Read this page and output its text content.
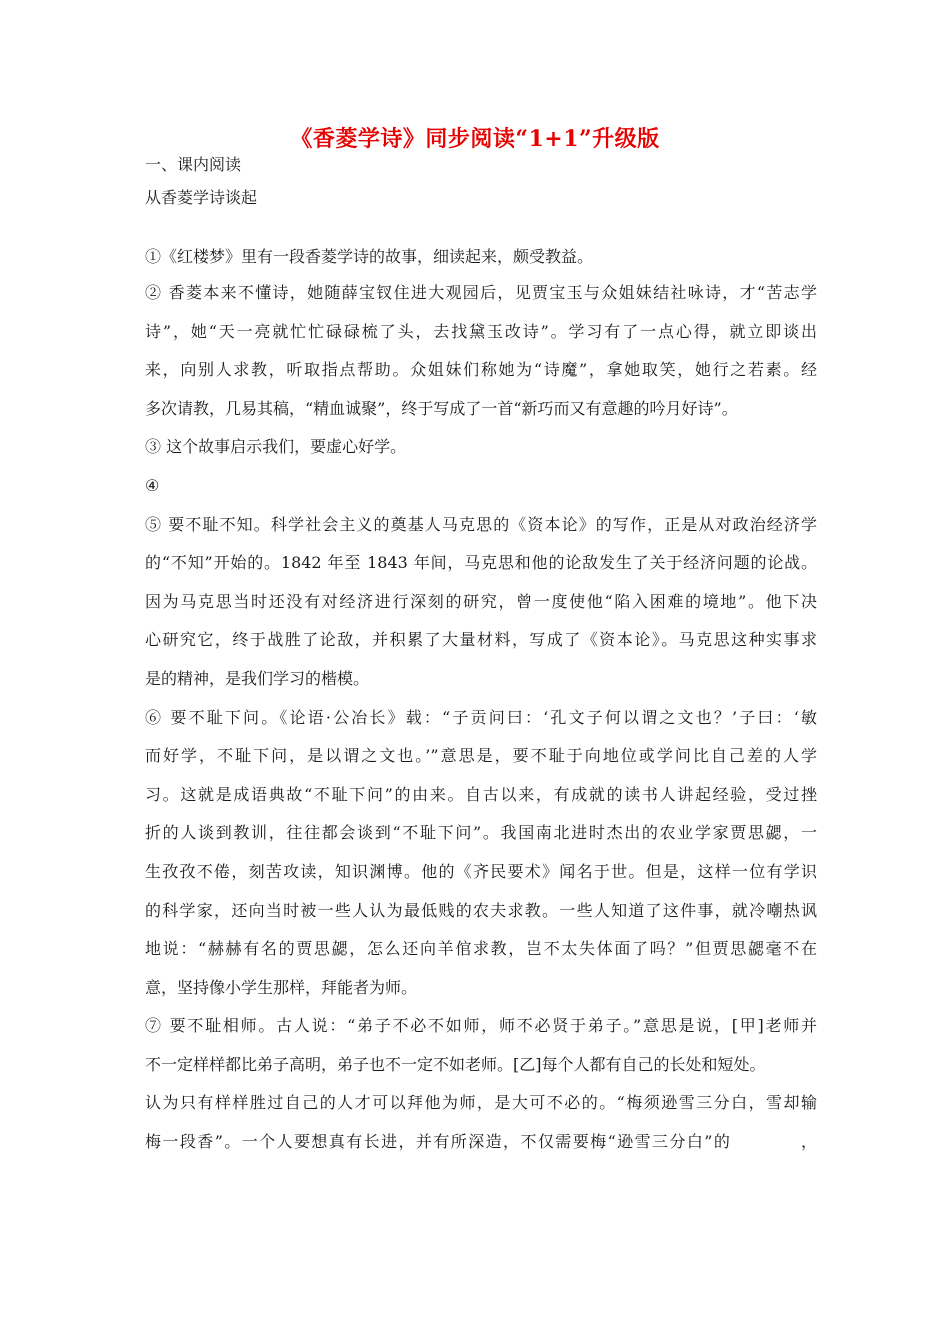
《香菱学诗》同步阅读“1+1”升级版
一、课内阅读
从香菱学诗谈起
①《红楼梦》里有一段香菱学诗的故事，细读起来，颇受教益。
② 香菱本来不懂诗，她随薛宝钗住进大观园后，见贾宝玉与众姐妹结社咏诗，才“苦志学
诗”，她“天一亮就忙忙碌碌梳了头，去找黛玉改诗”。学习有了一点心得，就立即谈出
来，向别人求教，听取指点帮助。众姐妹们称她为“诗魔”，拿她取笑，她行之若素。经
多次请教，几易其稿，“精血诚聚”，终于写成了一首“新巧而又有意趣的吟月好诗”。
③ 这个故事启示我们，要虚心好学。
④
⑤ 要不耻不知。科学社会主义的奠基人马克思的《资本论》的写作，正是从对政治经济学
的“不知”开始的。1842 年至 1843 年间，马克思和他的论敌发生了关于经济问题的论战。
因为马克思当时还没有对经济进行深刻的研究，曾一度使他“陷入困难的境地”。他下决
心研究它，终于战胜了论敌，并积累了大量材料，写成了《资本论》。马克思这种实事求
是的精神，是我们学习的楷模。
⑥ 要不耻下问。《论语·公冶长》载：“子贡问曰：‘孔文子何以谓之文也？’子曰：‘敏
而好学，不耻下问，是以谓之文也。’”意思是，要不耻于向地位或学问比自己差的人学
习。这就是成语典故“不耻下问”的由来。自古以来，有成就的读书人讲起经验，受过挫
折的人谈到教训，往往都会谈到“不耻下问”。我国南北进时杰出的农业学家贾思勰，一
生孜孜不倦，刻苦攻读，知识渊博。他的《齐民要术》闻名于世。但是，这样一位有学识
的科学家，还向当时被一些人认为最低贱的农夫求教。一些人知道了这件事，就冷嘲热讽
地说：“赫赫有名的贾思勰，怎么还向羊倌求教，岂不太失体面了吗？”但贾思勰毫不在
意，坚持像小学生那样，拜能者为师。
⑦ 要不耻相师。古人说：“弟子不必不如师，师不必贤于弟子。”意思是说，[甲]老师并
不一定样样都比弟子高明，弟子也不一定不如老师。[乙]每个人都有自己的长处和短处。
认为只有样样胜过自己的人才可以拜他为师，是大可不必的。“梅须逊雪三分白，雪却输
梅一段香”。一个人要想真有长进，并有所深造，不仅需要梅“逊雪三分白”的　　　　，
